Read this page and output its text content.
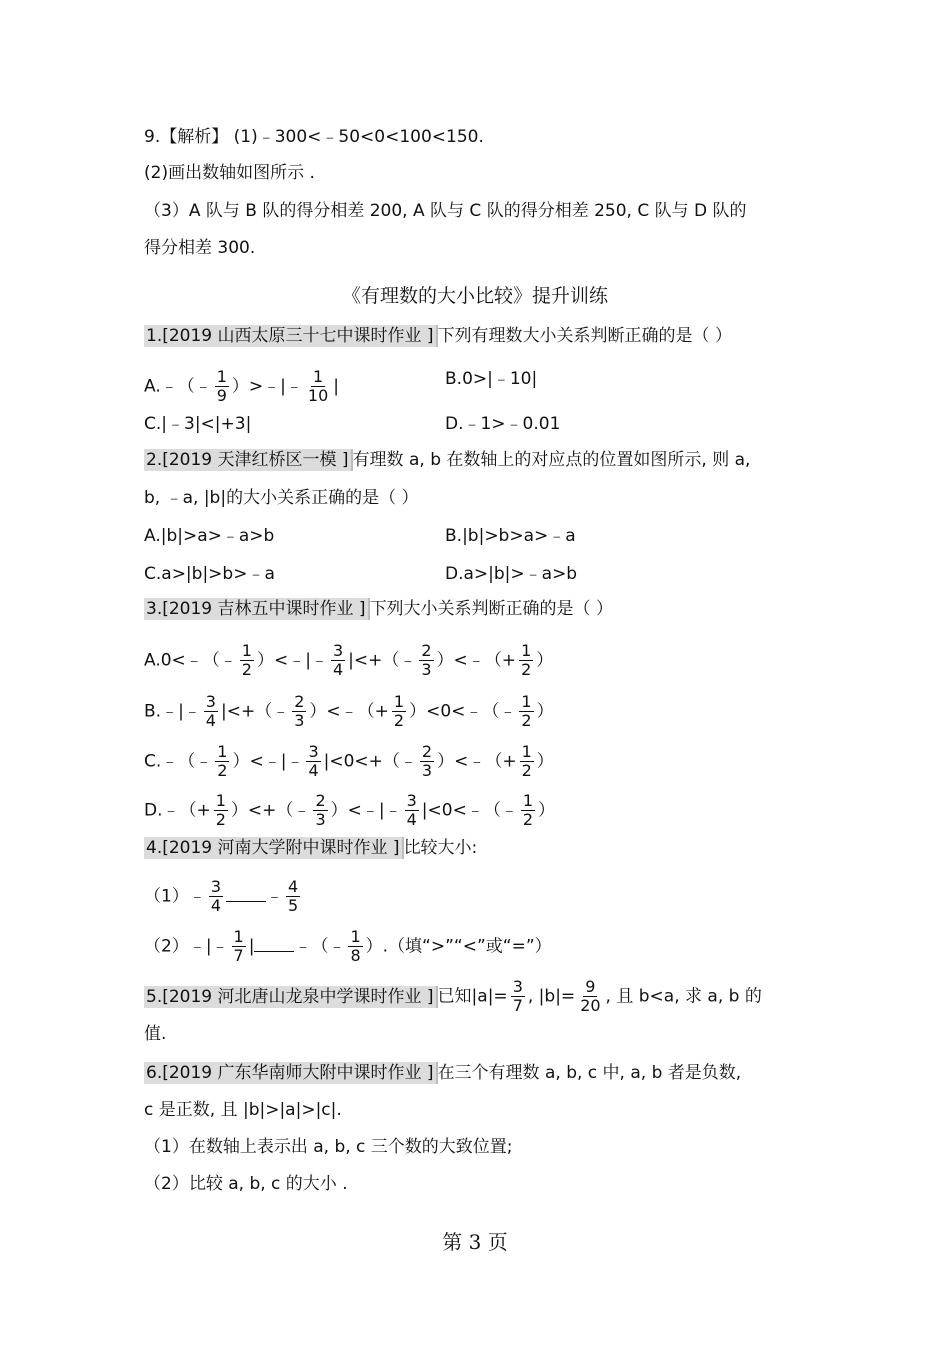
9.【解析】 (1)﹣300<﹣50<0<100<150.
(2)画出数轴如图所示 .
（3）A 队与 B 队的得分相差 200, A 队与 C 队的得分相差 250, C 队与 D 队的
得分相差 300.
《有理数的大小比较》提升训练
1.[2019 山西太原三十七中课时作业 ] 下列有理数大小关系判断正确的是（ ）
A.﹣（﹣ $\frac{1}{9}$ ）>﹣|﹣ $\frac{1}{10}$ |	B.0>|﹣10|
C.|﹣3|<|+3|	D.﹣1>﹣0.01
2.[2019 天津红桥区一模 ] 有理数 a, b 在数轴上的对应点的位置如图所示, 则 a,
b, ﹣a, |b|的大小关系正确的是（ ）
A.|b|>a>﹣a>b	B.|b|>b>a>﹣a
C.a>|b|>b>﹣a	D.a>|b|>﹣a>b
3.[2019 吉林五中课时作业 ] 下列大小关系判断正确的是（ ）
A.0<﹣（﹣ $\frac{1}{2}$ ）<﹣|﹣ $\frac{3}{4}$ |<+（﹣ $\frac{2}{3}$ ）<﹣（+ $\frac{1}{2}$ ）
B.﹣|﹣ $\frac{3}{4}$ |<+（﹣ $\frac{2}{3}$ ）<﹣（+ $\frac{1}{2}$ ）<0<﹣（﹣ $\frac{1}{2}$ ）
C.﹣（﹣ $\frac{1}{2}$ ）<﹣|﹣ $\frac{3}{4}$ |<0<+（﹣ $\frac{2}{3}$ ）<﹣（+ $\frac{1}{2}$ ）
D.﹣（+ $\frac{1}{2}$ ）<+（﹣ $\frac{2}{3}$ ）<﹣|﹣ $\frac{3}{4}$ |<0<﹣（﹣ $\frac{1}{2}$ ）
4.[2019 河南大学附中课时作业 ] 比较大小:
（1）﹣ $\frac{3}{4}$	﹣ $\frac{4}{5}$
（2）﹣|﹣ $\frac{1}{7}$ | ﹣（﹣ $\frac{1}{8}$ ）.（填“>”“<”或“=”）
5.[2019 河北唐山龙泉中学课时作业 ] 已知$|a|= \frac{3}{7}$ , $|b|= \frac{9}{20}$ , 且 b<a, 求 a, b 的
值.
6.[2019 广东华南师大附中课时作业 ] 在三个有理数 a, b, c 中, a, b 者是负数,
c 是正数, 且 |b|>|a|>|c|.
（1）在数轴上表示出 a, b, c 三个数的大致位置;
（2）比较 a, b, c 的大小 .
第 3 页
